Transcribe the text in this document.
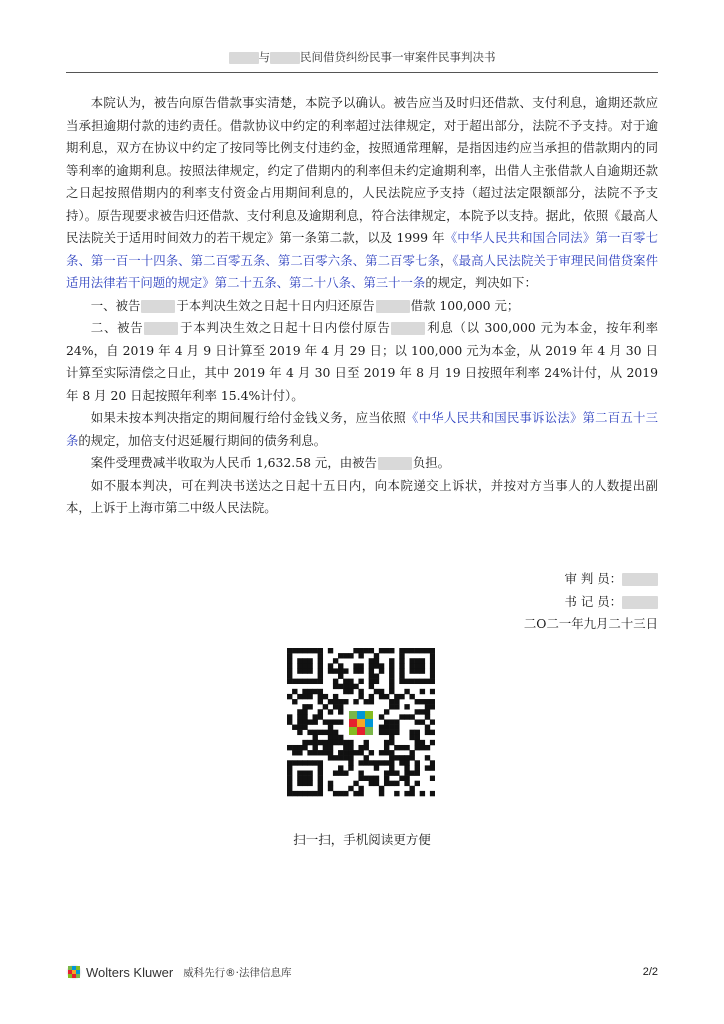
与	民间借贷纠纷民事一审案件民事判决书

本院认为，被告向原告借款事实清楚，本院予以确认。被告应当及时归还借款、支付利息，逾期还款应当承担逾期付款的违约责任。借款协议中约定的利率超过法律规定，对于超出部分，法院不予支持。对于逾期利息，双方在协议中约定了按同等比例支付违约金，按照通常理解，是指因违约应当承担的借款期内的同等利率的逾期利息。按照法律规定，约定了借期内的利率但未约定逾期利率，出借人主张借款人自逾期还款之日起按照借期内的利率支付资金占用期间利息的，人民法院应予支持（超过法定限额部分，法院不予支持）。原告现要求被告归还借款、支付利息及逾期利息，符合法律规定，本院予以支持。据此，依照《最高人民法院关于适用时间效力的若干规定》第一条第二款，以及 1999 年《中华人民共和国合同法》第一百零七条、第一百一十四条、第二百零五条、第二百零六条、第二百零七条，《最高人民法院关于审理民间借贷案件适用法律若干问题的规定》第二十五条、第二十八条、第三十一条的规定，判决如下：

一、被告	于本判决生效之日起十日内归还原告	借款 100,000 元；

二、被告	于本判决生效之日起十日内偿付原告	利息（以 300,000 元为本金，按年利率 24%，自 2019 年 4 月 9 日计算至 2019 年 4 月 29 日；以 100,000 元为本金，从 2019 年 4 月 30 日计算至实际清偿之日止，其中 2019 年 4 月 30 日至 2019 年 8 月 19 日按照年利率 24%计付，从 2019 年 8 月 20 日起按照年利率 15.4%计付）。

如果未按本判决指定的期间履行给付金钱义务，应当依照《中华人民共和国民事诉讼法》第二百五十三条的规定，加倍支付迟延履行期间的债务利息。

案件受理费减半收取为人民币 1,632.58 元，由被告	负担。

如不服本判决，可在判决书送达之日起十五日内，向本院递交上诉状，并按对方当事人的人数提出副本，上诉于上海市第二中级人民法院。

审 判 员：
书 记 员：
二O二一年九月二十三日
扫一扫，手机阅读更方便
Wolters Kluwer 威科先行®·法律信息库	2/2
